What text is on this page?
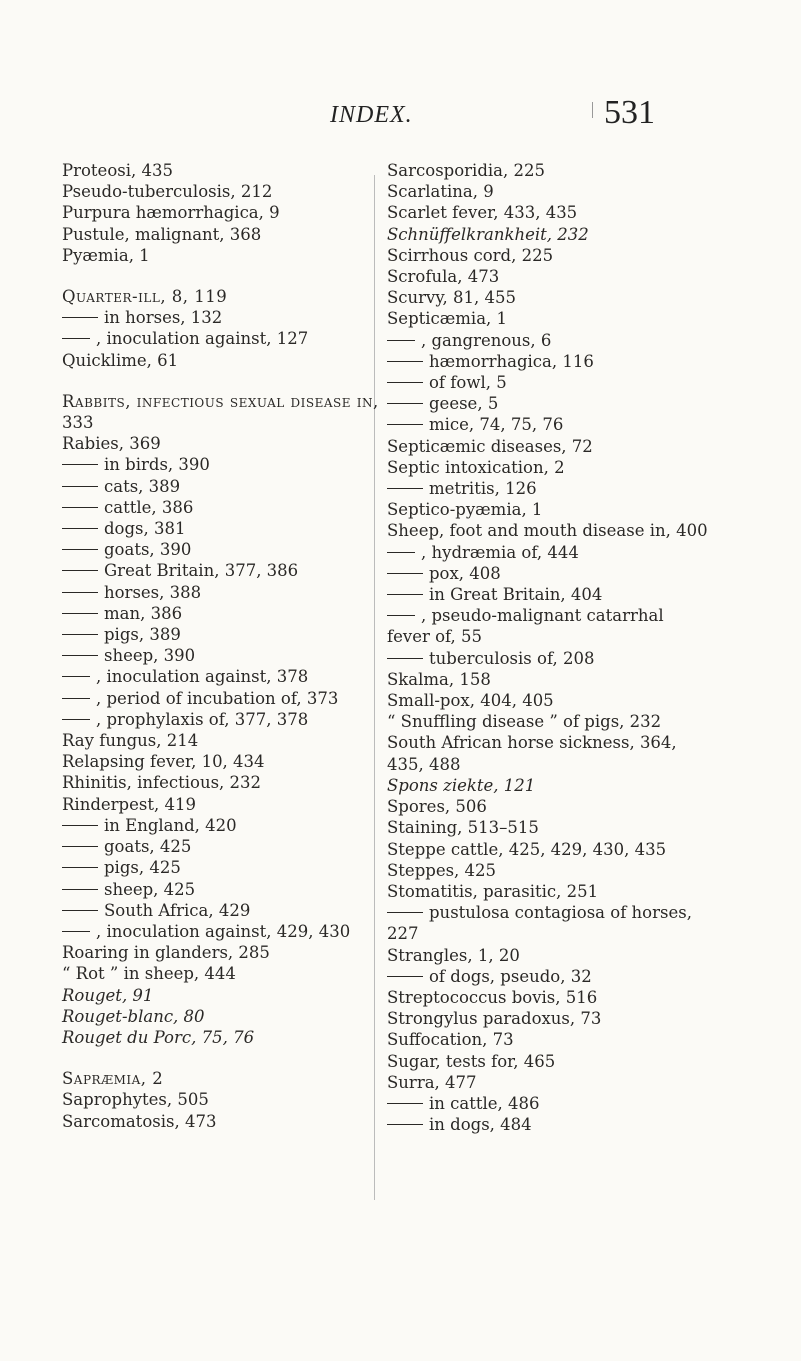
INDEX.	531
Proteosi, 435
Pseudo-tuberculosis, 212
Purpura hæmorrhagica, 9
Pustule, malignant, 368
Pyæmia, 1
Quarter-ill, 8, 119
in horses, 132
, inoculation against, 127
Quicklime, 61
Rabbits, infectious sexual disease in,
333
Rabies, 369
in birds, 390
cats, 389
cattle, 386
dogs, 381
goats, 390
Great Britain, 377, 386
horses, 388
man, 386
pigs, 389
sheep, 390
, inoculation against, 378
, period of incubation of, 373
, prophylaxis of, 377, 378
Ray fungus, 214
Relapsing fever, 10, 434
Rhinitis, infectious, 232
Rinderpest, 419
in England, 420
goats, 425
pigs, 425
sheep, 425
South Africa, 429
, inoculation against, 429, 430
Roaring in glanders, 285
“ Rot ” in sheep, 444
Rouget, 91
Rouget-blanc, 80
Rouget du Porc, 75, 76
Sapræmia, 2
Saprophytes, 505
Sarcomatosis, 473
Sarcosporidia, 225
Scarlatina, 9
Scarlet fever, 433, 435
Schnüffelkrankheit, 232
Scirrhous cord, 225
Scrofula, 473
Scurvy, 81, 455
Septicæmia, 1
, gangrenous, 6
hæmorrhagica, 116
of fowl, 5
geese, 5
mice, 74, 75, 76
Septicæmic diseases, 72
Septic intoxication, 2
metritis, 126
Septico-pyæmia, 1
Sheep, foot and mouth disease in, 400
, hydræmia of, 444
pox, 408
in Great Britain, 404
, pseudo-malignant catarrhal
fever of, 55
tuberculosis of, 208
Skalma, 158
Small-pox, 404, 405
“ Snuffling disease ” of pigs, 232
South African horse sickness, 364,
435, 488
Spons ziekte, 121
Spores, 506
Staining, 513–515
Steppe cattle, 425, 429, 430, 435
Steppes, 425
Stomatitis, parasitic, 251
pustulosa contagiosa of horses,
227
Strangles, 1, 20
of dogs, pseudo, 32
Streptococcus bovis, 516
Strongylus paradoxus, 73
Suffocation, 73
Sugar, tests for, 465
Surra, 477
in cattle, 486
in dogs, 484
